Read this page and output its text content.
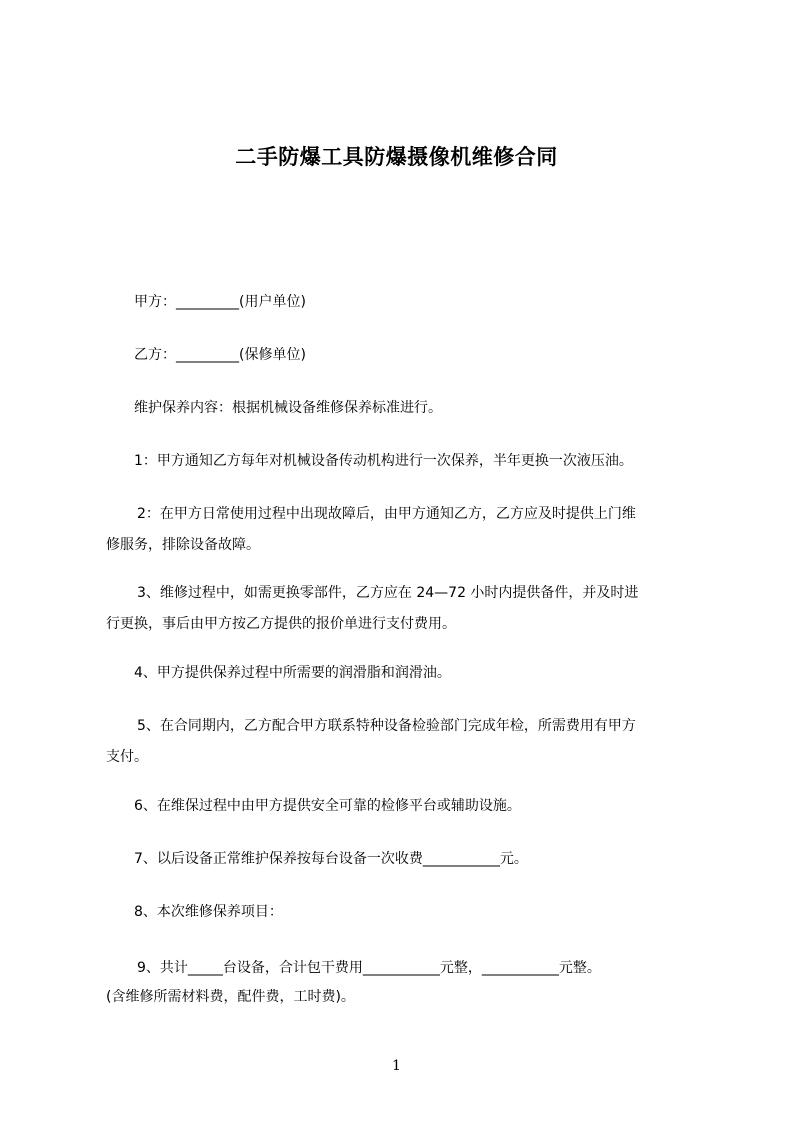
二手防爆工具防爆摄像机维修合同
甲方：_________(用户单位)
乙方：_________(保修单位)
维护保养内容：根据机械设备维修保养标准进行。
1：甲方通知乙方每年对机械设备传动机构进行一次保养，半年更换一次液压油。
2：在甲方日常使用过程中出现故障后，由甲方通知乙方，乙方应及时提供上门维
修服务，排除设备故障。
3、维修过程中，如需更换零部件，乙方应在 24—72 小时内提供备件，并及时进
行更换，事后由甲方按乙方提供的报价单进行支付费用。
4、甲方提供保养过程中所需要的润滑脂和润滑油。
5、在合同期内，乙方配合甲方联系特种设备检验部门完成年检，所需费用有甲方
支付。
6、在维保过程中由甲方提供安全可靠的检修平台或辅助设施。
7、以后设备正常维护保养按每台设备一次收费___________元。
8、本次维修保养项目：
9、共计_____台设备，合计包干费用___________元整，___________元整。
(含维修所需材料费，配件费，工时费)。
1
